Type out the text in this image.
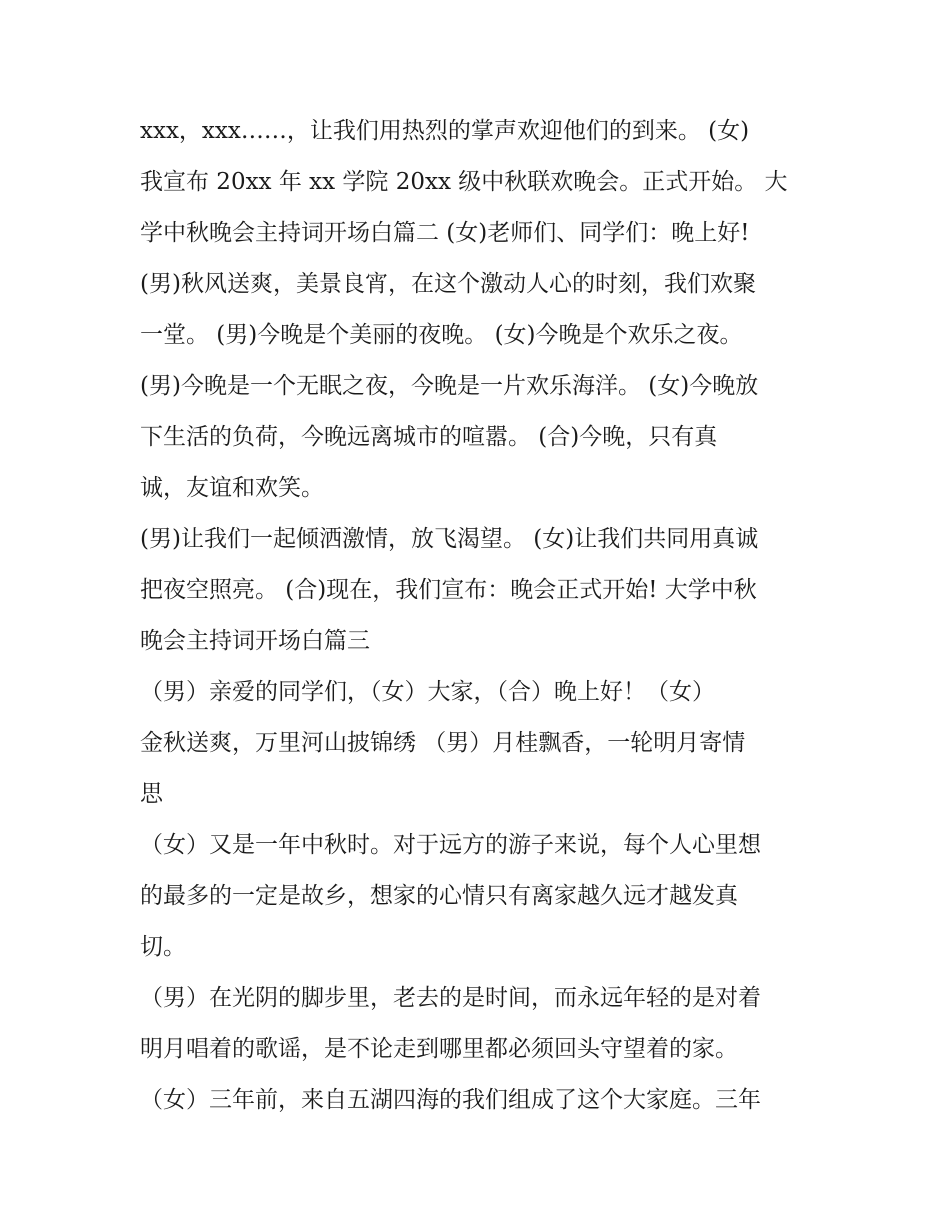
xxx，xxx……，让我们用热烈的掌声欢迎他们的到来。 (女)
我宣布 20xx 年 xx 学院 20xx 级中秋联欢晚会。正式开始。 大
学中秋晚会主持词开场白篇二 (女)老师们、同学们：晚上好!
(男)秋风送爽，美景良宵，在这个激动人心的时刻，我们欢聚
一堂。 (男)今晚是个美丽的夜晚。 (女)今晚是个欢乐之夜。
(男)今晚是一个无眠之夜，今晚是一片欢乐海洋。 (女)今晚放
下生活的负荷，今晚远离城市的喧嚣。 (合)今晚，只有真
诚，友谊和欢笑。
(男)让我们一起倾洒激情，放飞渴望。 (女)让我们共同用真诚
把夜空照亮。 (合)现在，我们宣布：晚会正式开始! 大学中秋
晚会主持词开场白篇三
（男）亲爱的同学们，（女）大家，（合）晚上好！（女）
金秋送爽，万里河山披锦绣 （男）月桂飘香，一轮明月寄情
思
（女）又是一年中秋时。对于远方的游子来说，每个人心里想
的最多的一定是故乡，想家的心情只有离家越久远才越发真
切。
（男）在光阴的脚步里，老去的是时间，而永远年轻的是对着
明月唱着的歌谣，是不论走到哪里都必须回头守望着的家。
（女）三年前，来自五湖四海的我们组成了这个大家庭。三年
